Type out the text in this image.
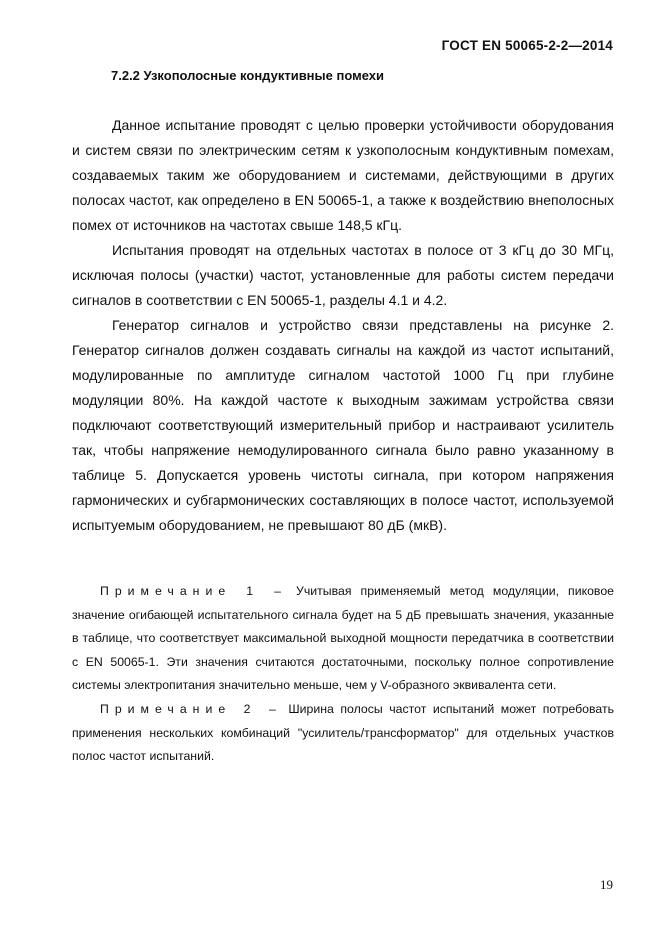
ГОСТ EN 50065-2-2—2014
7.2.2 Узкополосные кондуктивные помехи

Данное испытание проводят с целью проверки устойчивости оборудования и систем связи по электрическим сетям к узкополосным кондуктивным помехам, создаваемых таким же оборудованием и системами, действующими в других полосах частот, как определено в EN 50065-1, а также к воздействию внеполосных помех от источников на частотах свыше 148,5 кГц.

Испытания проводят на отдельных частотах в полосе от 3 кГц до 30 МГц, исключая полосы (участки) частот, установленные для работы систем передачи сигналов в соответствии с EN 50065-1, разделы 4.1 и 4.2.

Генератор сигналов и устройство связи представлены на рисунке 2. Генератор сигналов должен создавать сигналы на каждой из частот испытаний, модулированные по амплитуде сигналом частотой 1000 Гц при глубине модуляции 80%. На каждой частоте к выходным зажимам устройства связи подключают соответствующий измерительный прибор и настраивают усилитель так, чтобы напряжение немодулированного сигнала было равно указанному в таблице 5. Допускается уровень чистоты сигнала, при котором напряжения гармонических и субгармонических составляющих в полосе частот, используемой испытуемым оборудованием, не превышают 80 дБ (мкВ).

Примечание 1 – Учитывая применяемый метод модуляции, пиковое значение огибающей испытательного сигнала будет на 5 дБ превышать значения, указанные в таблице, что соответствует максимальной выходной мощности передатчика в соответствии с EN 50065-1. Эти значения считаются достаточными, поскольку полное сопротивление системы электропитания значительно меньше, чем у V-образного эквивалента сети.

Примечание 2 – Ширина полосы частот испытаний может потребовать применения нескольких комбинаций "усилитель/трансформатор" для отдельных участков полос частот испытаний.

19
